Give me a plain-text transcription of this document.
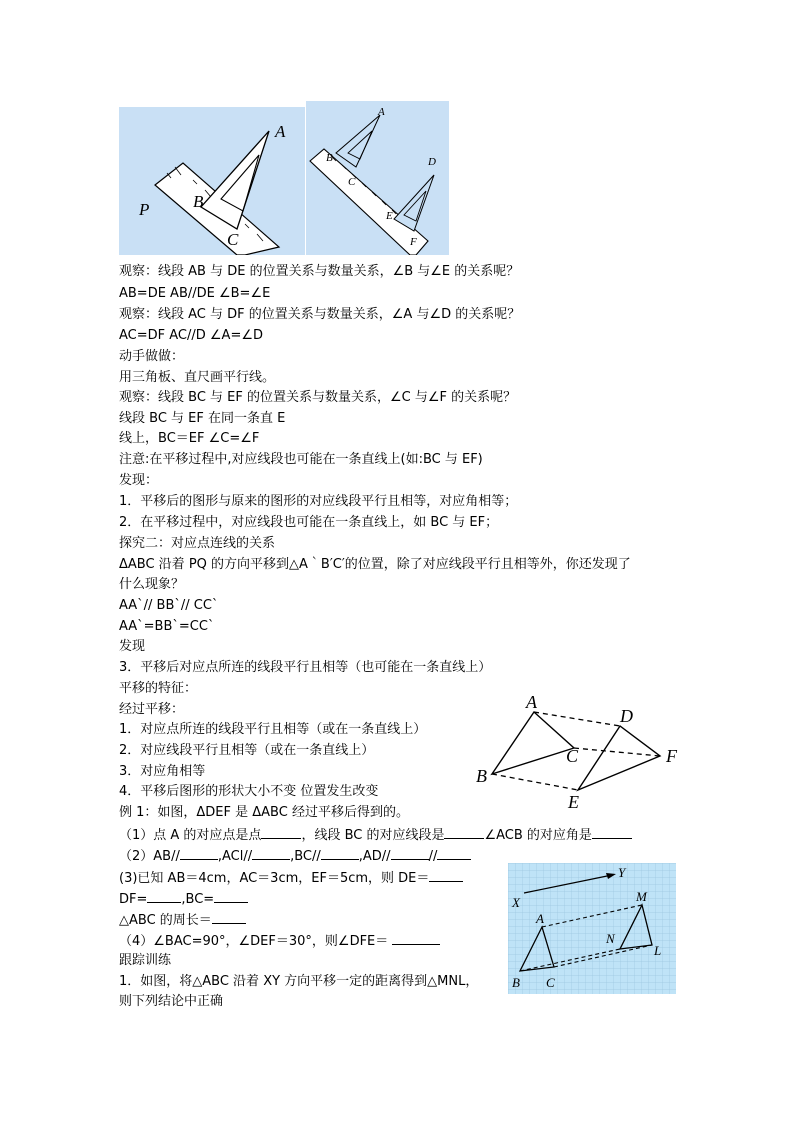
A
B
C
P
A
B
C
D
E
F
A
B
C
D
E
F
X
Y
A
B C
M
N
L
观察：线段 AB 与 DE 的位置关系与数量关系，∠B 与∠E 的关系呢？
AB=DE AB//DE ∠B=∠E
观察：线段 AC 与 DF 的位置关系与数量关系，∠A 与∠D 的关系呢？
AC=DF AC//D ∠A=∠D
动手做做：
用三角板、直尺画平行线。
观察：线段 BC 与 EF 的位置关系与数量关系，∠C 与∠F 的关系呢？
线段 BC 与 EF 在同一条直 E
线上，BC＝EF ∠C=∠F
注意:在平移过程中,对应线段也可能在一条直线上(如:BC 与 EF)
发现：
1．平移后的图形与原来的图形的对应线段平行且相等，对应角相等；
2．在平移过程中，对应线段也可能在一条直线上，如 BC 与 EF；
探究二：对应点连线的关系
ΔABC 沿着 PQ 的方向平移到△A｀B′C′的位置，除了对应线段平行且相等外，你还发现了
什么现象？
AA`// BB`// CC`
AA`=BB`=CC`
发现
3．平移后对应点所连的线段平行且相等（也可能在一条直线上）
平移的特征：
经过平移：
1．对应点所连的线段平行且相等（或在一条直线上）
2．对应线段平行且相等（或在一条直线上）
3．对应角相等
4．平移后图形的形状大小不变 位置发生改变
例 1：如图，ΔDEF 是 ΔABC 经过平移后得到的。
（1）点 A 的对应点是点	，线段 BC 的对应线段是	∠ACB 的对应角是
（2）AB//	,ACl//	,BC//	,AD//	//
(3)已知 AB＝4cm，AC＝3cm，EF＝5cm，则 DE＝
DF=	,BC=
△ABC 的周长＝
（4）∠BAC=90°，∠DEF＝30°，则∠DFE＝
跟踪训练
1．如图，将△ABC 沿着 XY 方向平移一定的距离得到△MNL，
则下列结论中正确
